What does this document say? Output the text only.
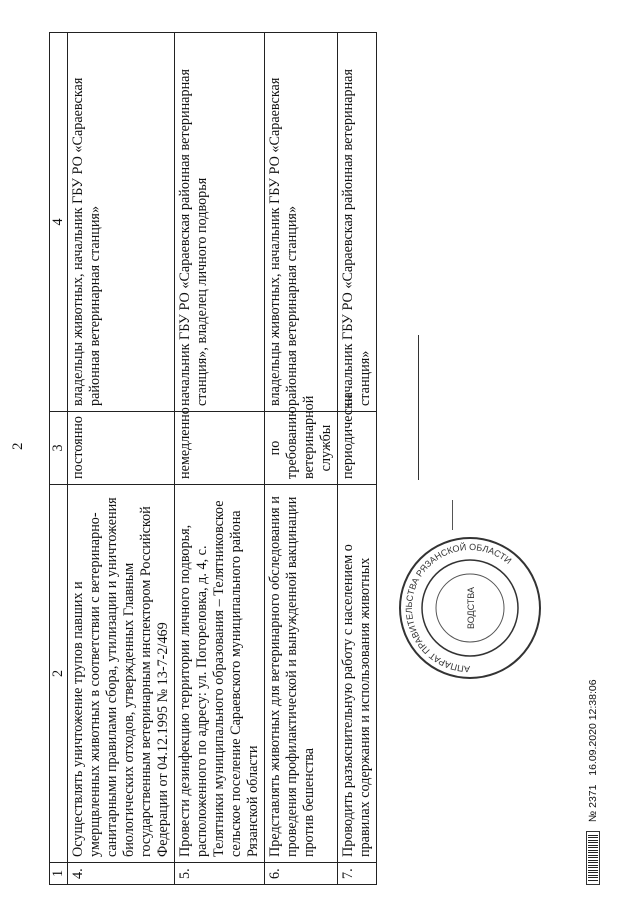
2
1	2	3	4
4.	Осуществлять уничтожение трупов павших и умерщвленных животных в соответствии с ветеринарно-санитарными правилами сбора, утилизации и уничтожения биологических отходов, утвержденных Главным государственным ветеринарным инспектором Российской Федерации от 04.12.1995 № 13-7-2/469	постоянно	владельцы животных, начальник ГБУ РО «Сараевская районная ветеринарная станция»
5.	Провести дезинфекцию территории личного подворья, расположенного по адресу: ул. Погореловка, д. 4, с. Телятники муниципального образования – Телятниковское сельское поселение Сараевского муниципального района Рязанской области	немедленно	начальник ГБУ РО «Сараевская районная ветеринарная станция», владелец личного подворья
6.	Представлять животных для ветеринарного обследования и проведения профилактической и вынужденной вакцинации против бешенства	по требованию ветеринарной службы	владельцы животных, начальник ГБУ РО «Сараевская районная ветеринарная станция»
7.	Проводить разъяснительную работу с населением о правилах содержания и использования животных	периодически	начальник ГБУ РО «Сараевская районная ветеринарная станция»
АППАРАТ ПРАВИТЕЛЬСТВА РЯЗАНСКОЙ ОБЛАСТИ
ВОДСТВА
№ 2371   16.09.2020 12:38:06
